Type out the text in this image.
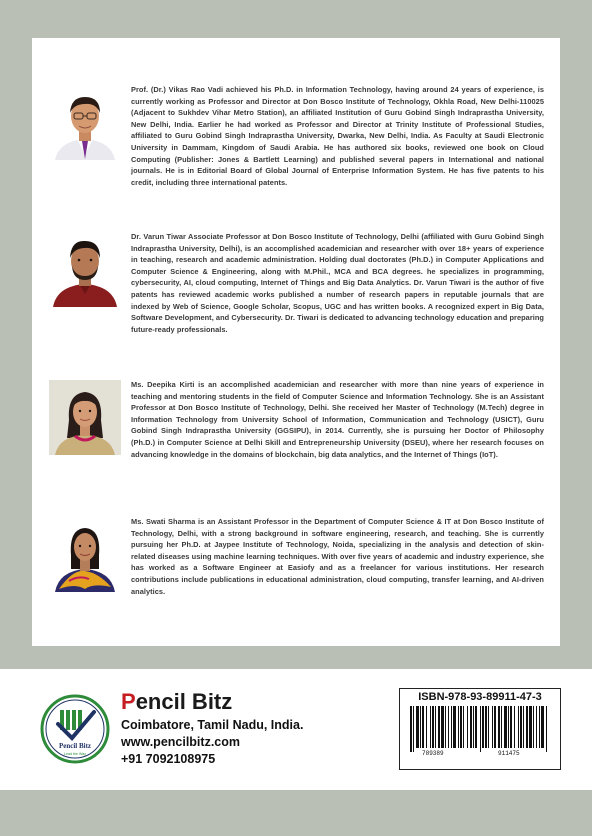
Prof. (Dr.) Vikas Rao Vadi achieved his Ph.D. in Information Technology, having around 24 years of experience, is currently working as Professor and Director at Don Bosco Institute of Technology, Okhla Road, New Delhi-110025 (Adjacent to Sukhdev Vihar Metro Station), an affiliated Institution of Guru Gobind Singh Indraprastha University, New Delhi, India. Earlier he had worked as Professor and Director at Trinity Institute of Professional Studies, affiliated to Guru Gobind Singh Indraprastha University, Dwarka, New Delhi, India. As Faculty at Saudi Electronic University in Dammam, Kingdom of Saudi Arabia. He has authored six books, reviewed one book on Cloud Computing (Publisher: Jones & Bartlett Learning) and published several papers in International and national journals. He is in Editorial Board of Global Journal of Enterprise Information System. He has five patents to his credit, including three international patents.

Dr. Varun Tiwar Associate Professor at Don Bosco Institute of Technology, Delhi (affiliated with Guru Gobind Singh Indraprastha University, Delhi), is an accomplished academician and researcher with over 18+ years of experience in teaching, research and academic administration. Holding dual doctorates (Ph.D.) in Computer Applications and Computer Science & Engineering, along with M.Phil., MCA and BCA degrees. he specializes in programming, cybersecurity, AI, cloud computing, Internet of Things and Big Data Analytics. Dr. Varun Tiwari is the author of five patents has reviewed academic works published a number of research papers in reputable journals that are indexed by Web of Science, Google Scholar, Scopus, UGC and has written books. A recognized expert in Big Data, Software Development, and Cybersecurity. Dr. Tiwari is dedicated to advancing technology education and preparing future-ready professionals.

Ms. Deepika Kirti is an accomplished academician and researcher with more than nine years of experience in teaching and mentoring students in the field of Computer Science and Information Technology. She is an Assistant Professor at Don Bosco Institute of Technology, Delhi. She received her Master of Technology (M.Tech) degree in Information Technology from University School of Information, Communication and Technology (USICT), Guru Gobind Singh Indraprastha University (GGSIPU), in 2014. Currently, she is pursuing her Doctor of Philosophy (Ph.D.) in Computer Science at Delhi Skill and Entrepreneurship University (DSEU), where her research focuses on advancing knowledge in the domains of blockchain, big data analytics, and the Internet of Things (IoT).

Ms. Swati Sharma is an Assistant Professor in the Department of Computer Science & IT at Don Bosco Institute of Technology, Delhi, with a strong background in software engineering, research, and teaching. She is currently pursuing her Ph.D. at Jaypee Institute of Technology, Noida, specializing in the analysis and detection of skin-related diseases using machine learning techniques. With over five years of academic and industry experience, she has worked as a Software Engineer at Easiofy and as a freelancer for various institutions. Her research contributions include publications in educational administration, cloud computing, transfer learning, and AI-driven analytics.

Pencil Bitz
Lead the Way
Pencil Bitz
Coimbatore, Tamil Nadu, India.
www.pencilbitz.com
+91 7092108975
ISBN-978-93-89911-47-3
789389	911475
